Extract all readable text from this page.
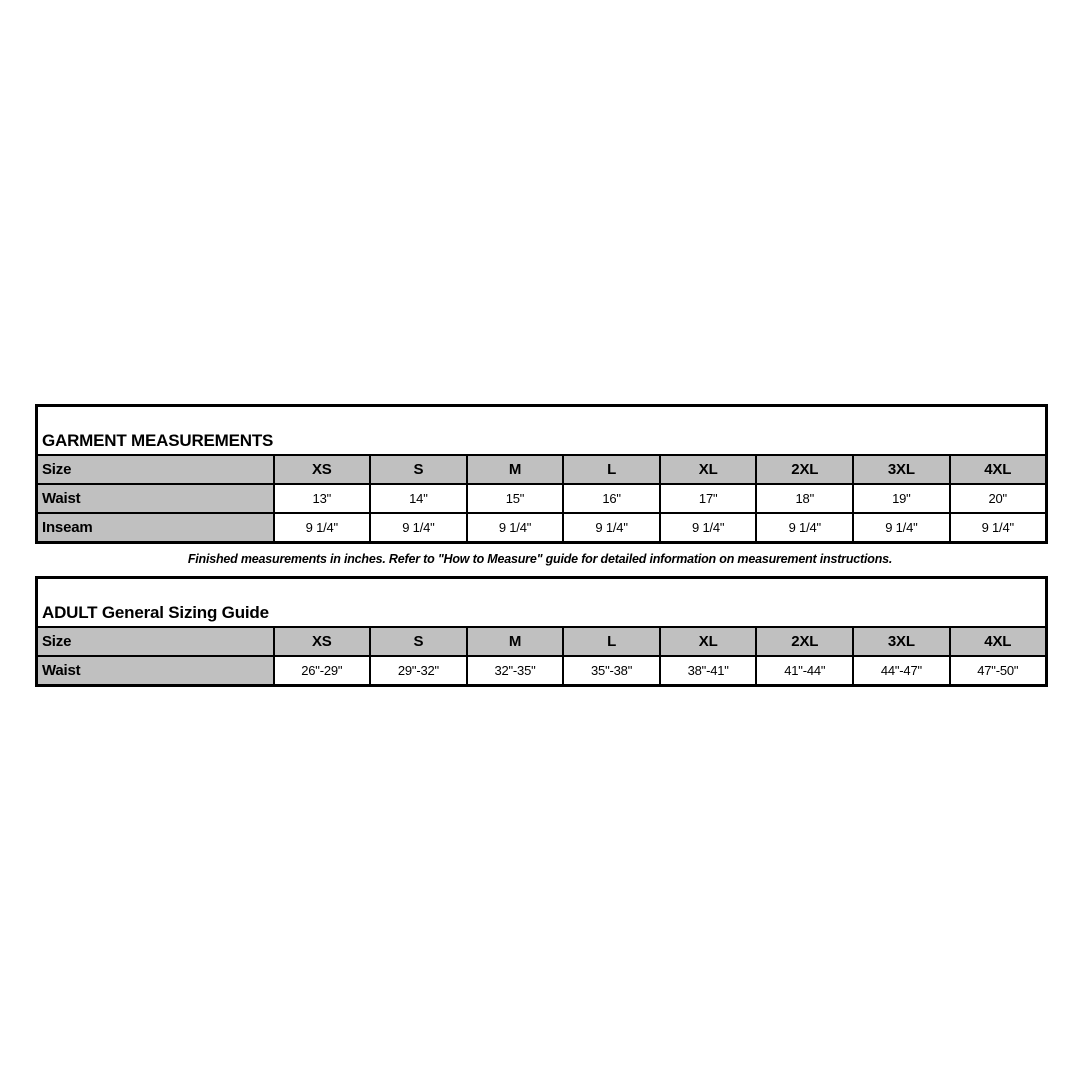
GARMENT MEASUREMENTS								
Size	XS	S	M	L	XL	2XL	3XL	4XL
Waist	13"	14"	15"	16"	17"	18"	19"	20"
Inseam	9 1/4"	9 1/4"	9 1/4"	9 1/4"	9 1/4"	9 1/4"	9 1/4"	9 1/4"
Finished measurements in inches. Refer to "How to Measure" guide for detailed information on measurement instructions.
ADULT General Sizing Guide								
Size	XS	S	M	L	XL	2XL	3XL	4XL
Waist	26"-29"	29"-32"	32"-35"	35"-38"	38"-41"	41"-44"	44"-47"	47"-50"
